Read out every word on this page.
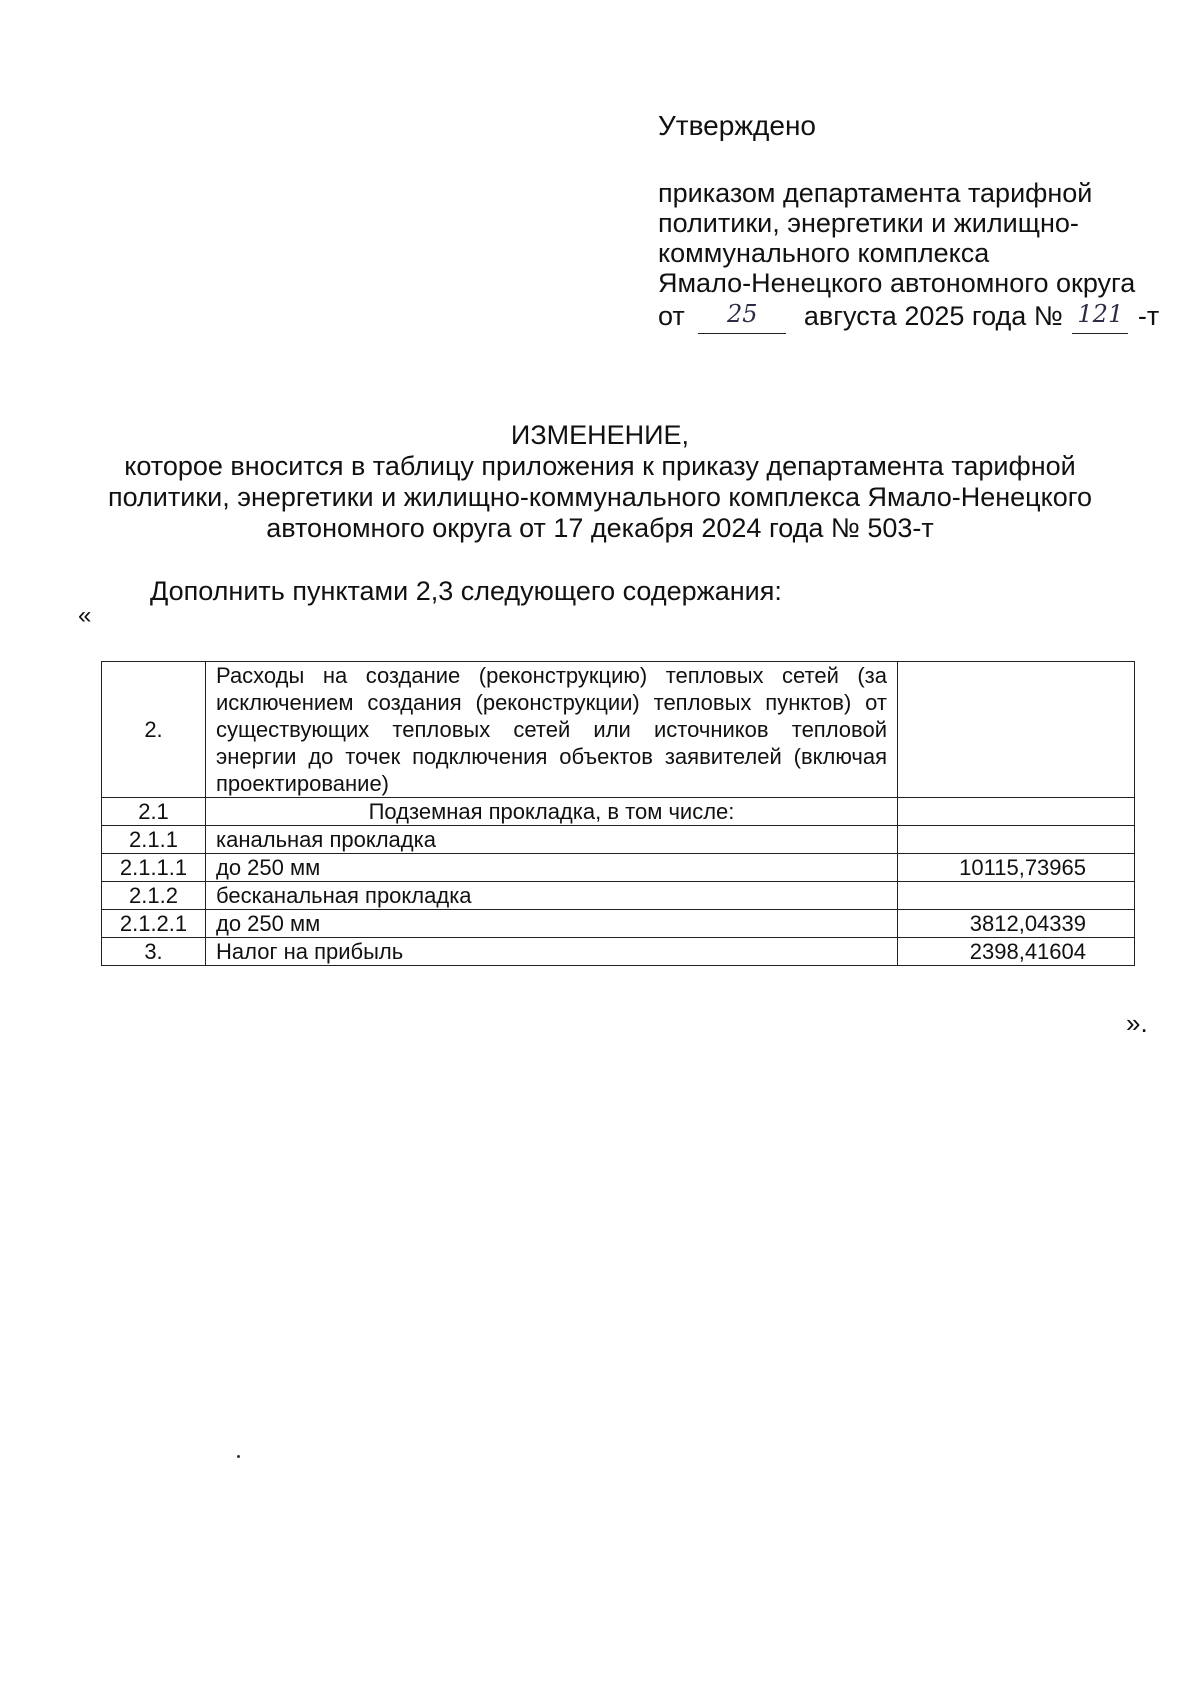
Утверждено
приказом департамента тарифной
политики, энергетики и жилищно-
коммунального комплекса
Ямало-Ненецкого автономного округа
от 25 августа 2025 года № 121 -т
ИЗМЕНЕНИЕ,
которое вносится в таблицу приложения к приказу департамента тарифной
политики, энергетики и жилищно-коммунального комплекса Ямало-Ненецкого
автономного округа от 17 декабря 2024 года № 503-т
Дополнить пунктами 2,3 следующего содержания:
«
2.	Расходы на создание (реконструкцию) тепловых сетей (за исключением создания (реконструкции) тепловых пунктов) от существующих тепловых сетей или источников тепловой энергии до точек подключения объектов заявителей (включая проектирование)	
2.1	Подземная прокладка, в том числе:	
2.1.1	канальная прокладка	
2.1.1.1	до 250 мм	10115,73965
2.1.2	бесканальная прокладка	
2.1.2.1	до 250 мм	3812,04339
3.	Налог на прибыль	2398,41604
».
